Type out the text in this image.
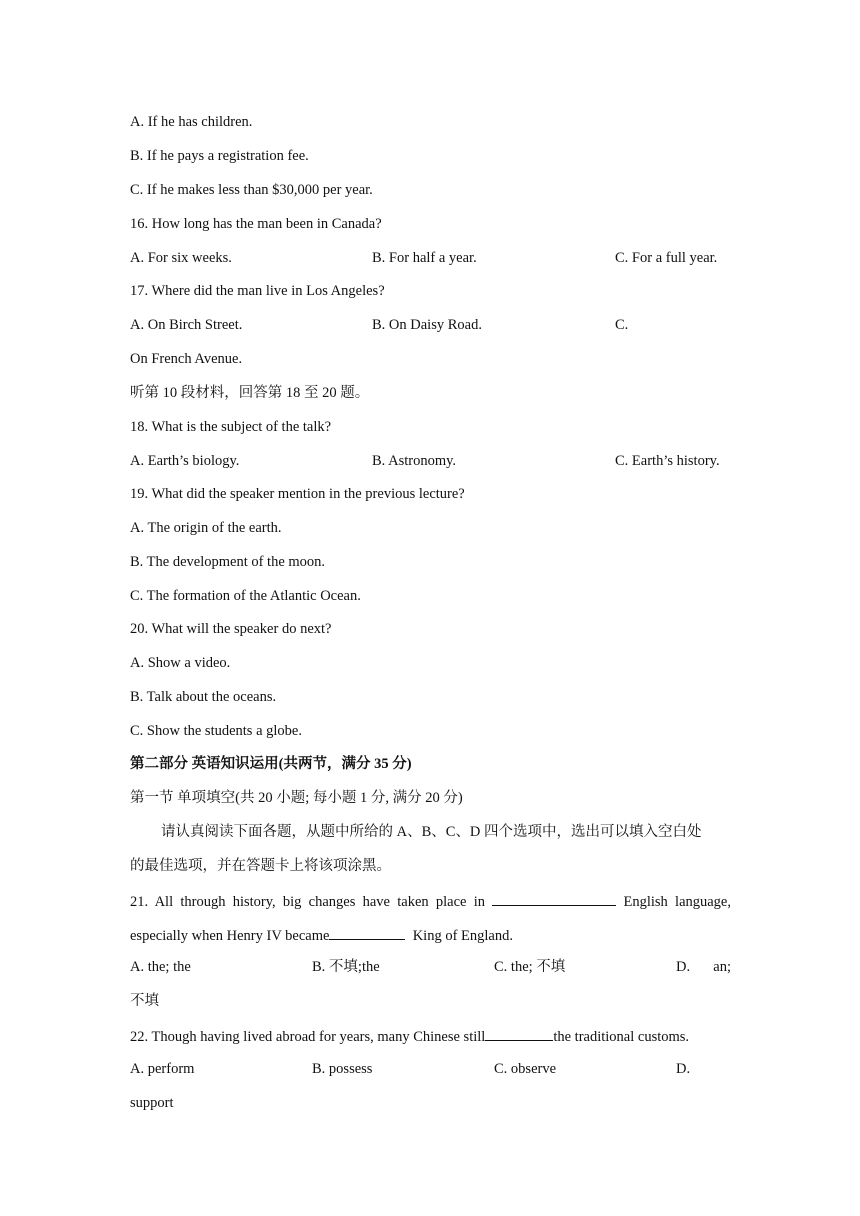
A. If he has children.
B. If he pays a registration fee.
C. If he makes less than $30,000 per year.
16. How long has the man been in Canada?
A. For six weeks.	B. For half a year.	C. For a full year.
17. Where did the man live in Los Angeles?
A. On Birch Street.	B. On Daisy Road.	C.
On French Avenue.
听第 10 段材料，回答第 18 至 20 题。
18. What is the subject of the talk?
A. Earth’s biology.	B. Astronomy.	C. Earth’s history.
19. What did the speaker mention in the previous lecture?
A. The origin of the earth.
B. The development of the moon.
C. The formation of the Atlantic Ocean.
20. What will the speaker do next?
A. Show a video.
B. Talk about the oceans.
C. Show the students a globe.
第二部分 英语知识运用(共两节，满分 35 分)
第一节 单项填空(共 20 小题; 每小题 1 分, 满分 20 分)
请认真阅读下面各题，从题中所给的 A、B、C、D 四个选项中，选出可以填入空白处
的最佳选项，并在答题卡上将该项涂黑。
21. All through history, big changes have taken place in	English language,
especially when Henry IV became	King of England.
A. the; the	B. 不填;the	C. the; 不填	D. an;
不填
22. Though having lived abroad for years, many Chinese still	the traditional customs.
A. perform	B. possess	C. observe	D.
support
